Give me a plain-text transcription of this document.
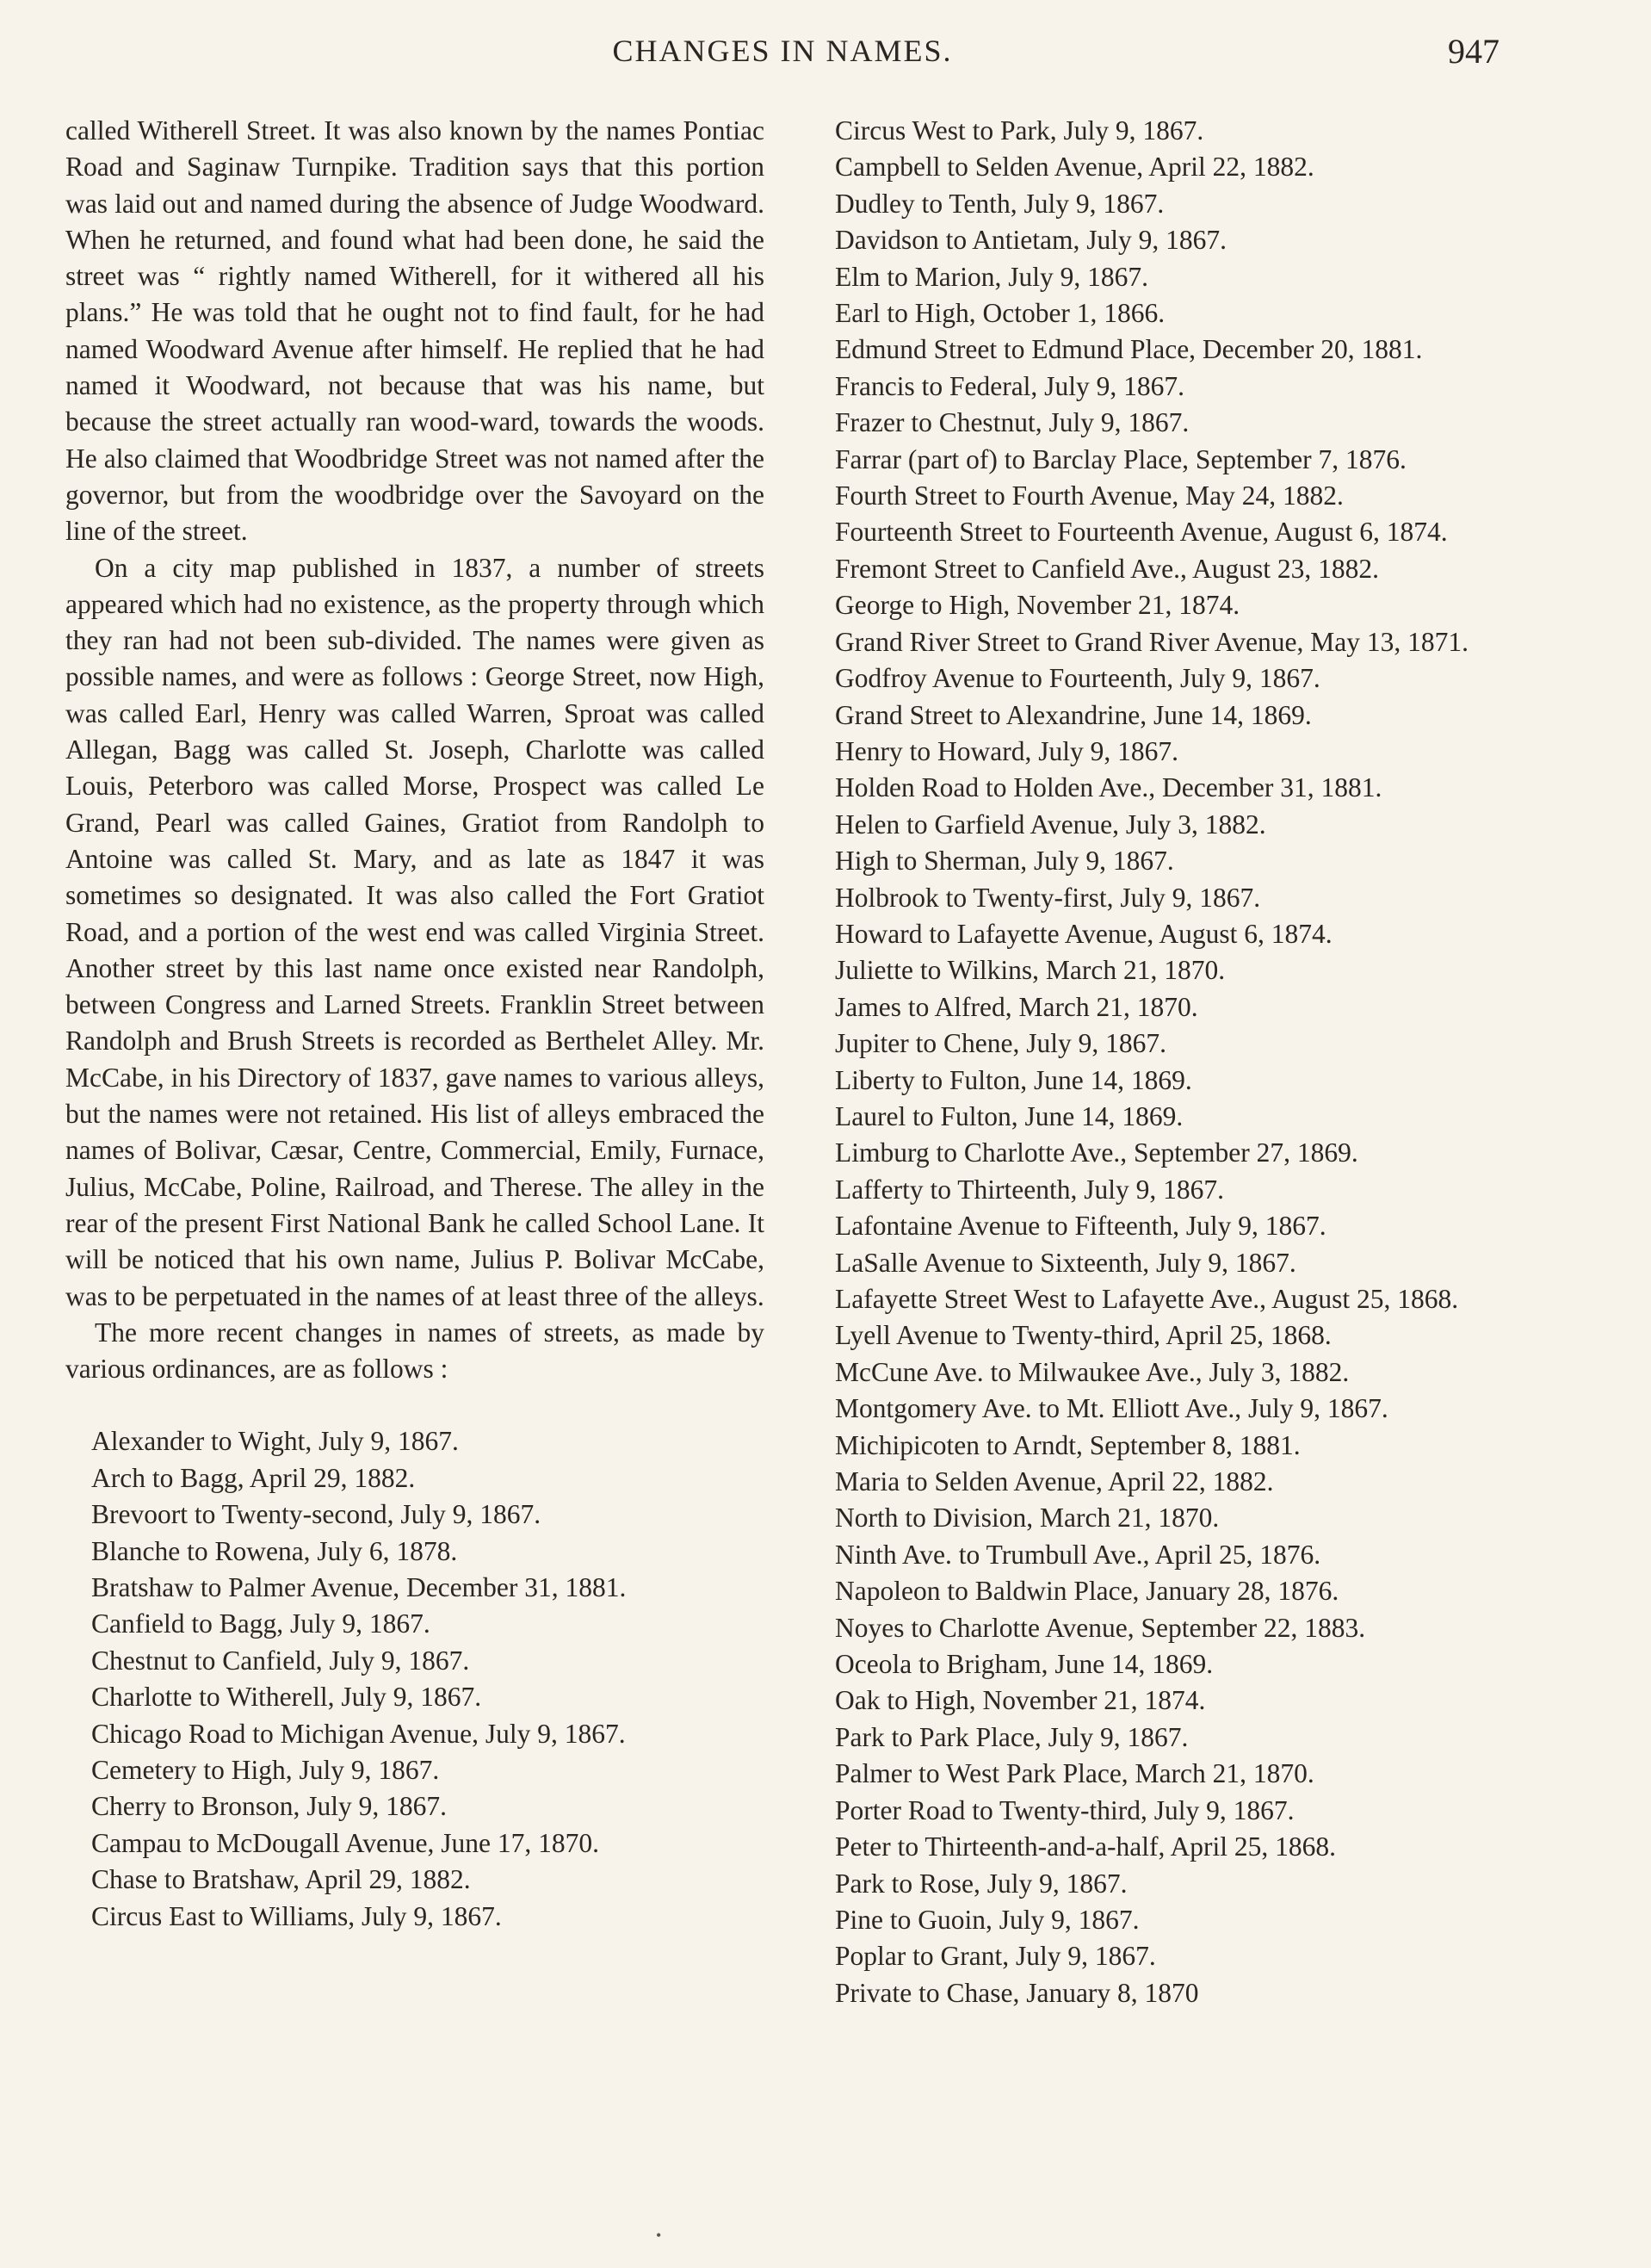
CHANGES IN NAMES.	947

called Witherell Street. It was also known by the names Pontiac Road and Saginaw Turnpike. Tradition says that this portion was laid out and named during the absence of Judge Woodward. When he returned, and found what had been done, he said the street was “ rightly named Witherell, for it withered all his plans.” He was told that he ought not to find fault, for he had named Woodward Avenue after himself. He replied that he had named it Woodward, not because that was his name, but because the street actually ran wood-ward, towards the woods. He also claimed that Woodbridge Street was not named after the governor, but from the woodbridge over the Savoyard on the line of the street.

On a city map published in 1837, a number of streets appeared which had no existence, as the property through which they ran had not been sub-divided. The names were given as possible names, and were as follows : George Street, now High, was called Earl, Henry was called Warren, Sproat was called Allegan, Bagg was called St. Joseph, Charlotte was called Louis, Peterboro was called Morse, Prospect was called Le Grand, Pearl was called Gaines, Gratiot from Randolph to Antoine was called St. Mary, and as late as 1847 it was sometimes so designated. It was also called the Fort Gratiot Road, and a portion of the west end was called Virginia Street. Another street by this last name once existed near Randolph, between Congress and Larned Streets. Franklin Street between Randolph and Brush Streets is recorded as Berthelet Alley. Mr. McCabe, in his Directory of 1837, gave names to various alleys, but the names were not retained. His list of alleys embraced the names of Bolivar, Cæsar, Centre, Commercial, Emily, Furnace, Julius, McCabe, Poline, Railroad, and Therese. The alley in the rear of the present First National Bank he called School Lane. It will be noticed that his own name, Julius P. Bolivar McCabe, was to be perpetuated in the names of at least three of the alleys.

The more recent changes in names of streets, as made by various ordinances, are as follows :

Alexander to Wight, July 9, 1867.
Arch to Bagg, April 29, 1882.
Brevoort to Twenty-second, July 9, 1867.
Blanche to Rowena, July 6, 1878.
Bratshaw to Palmer Avenue, December 31, 1881.
Canfield to Bagg, July 9, 1867.
Chestnut to Canfield, July 9, 1867.
Charlotte to Witherell, July 9, 1867.
Chicago Road to Michigan Avenue, July 9, 1867.
Cemetery to High, July 9, 1867.
Cherry to Bronson, July 9, 1867.
Campau to McDougall Avenue, June 17, 1870.
Chase to Bratshaw, April 29, 1882.
Circus East to Williams, July 9, 1867.
Circus West to Park, July 9, 1867.
Campbell to Selden Avenue, April 22, 1882.
Dudley to Tenth, July 9, 1867.
Davidson to Antietam, July 9, 1867.
Elm to Marion, July 9, 1867.
Earl to High, October 1, 1866.
Edmund Street to Edmund Place, December 20, 1881.
Francis to Federal, July 9, 1867.
Frazer to Chestnut, July 9, 1867.
Farrar (part of) to Barclay Place, September 7, 1876.
Fourth Street to Fourth Avenue, May 24, 1882.
Fourteenth Street to Fourteenth Avenue, August 6, 1874.
Fremont Street to Canfield Ave., August 23, 1882.
George to High, November 21, 1874.
Grand River Street to Grand River Avenue, May 13, 1871.
Godfroy Avenue to Fourteenth, July 9, 1867.
Grand Street to Alexandrine, June 14, 1869.
Henry to Howard, July 9, 1867.
Holden Road to Holden Ave., December 31, 1881.
Helen to Garfield Avenue, July 3, 1882.
High to Sherman, July 9, 1867.
Holbrook to Twenty-first, July 9, 1867.
Howard to Lafayette Avenue, August 6, 1874.
Juliette to Wilkins, March 21, 1870.
James to Alfred, March 21, 1870.
Jupiter to Chene, July 9, 1867.
Liberty to Fulton, June 14, 1869.
Laurel to Fulton, June 14, 1869.
Limburg to Charlotte Ave., September 27, 1869.
Lafferty to Thirteenth, July 9, 1867.
Lafontaine Avenue to Fifteenth, July 9, 1867.
LaSalle Avenue to Sixteenth, July 9, 1867.
Lafayette Street West to Lafayette Ave., August 25, 1868.
Lyell Avenue to Twenty-third, April 25, 1868.
McCune Ave. to Milwaukee Ave., July 3, 1882.
Montgomery Ave. to Mt. Elliott Ave., July 9, 1867.
Michipicoten to Arndt, September 8, 1881.
Maria to Selden Avenue, April 22, 1882.
North to Division, March 21, 1870.
Ninth Ave. to Trumbull Ave., April 25, 1876.
Napoleon to Baldwin Place, January 28, 1876.
Noyes to Charlotte Avenue, September 22, 1883.
Oceola to Brigham, June 14, 1869.
Oak to High, November 21, 1874.
Park to Park Place, July 9, 1867.
Palmer to West Park Place, March 21, 1870.
Porter Road to Twenty-third, July 9, 1867.
Peter to Thirteenth-and-a-half, April 25, 1868.
Park to Rose, July 9, 1867.
Pine to Guoin, July 9, 1867.
Poplar to Grant, July 9, 1867.
Private to Chase, January 8, 1870
•
